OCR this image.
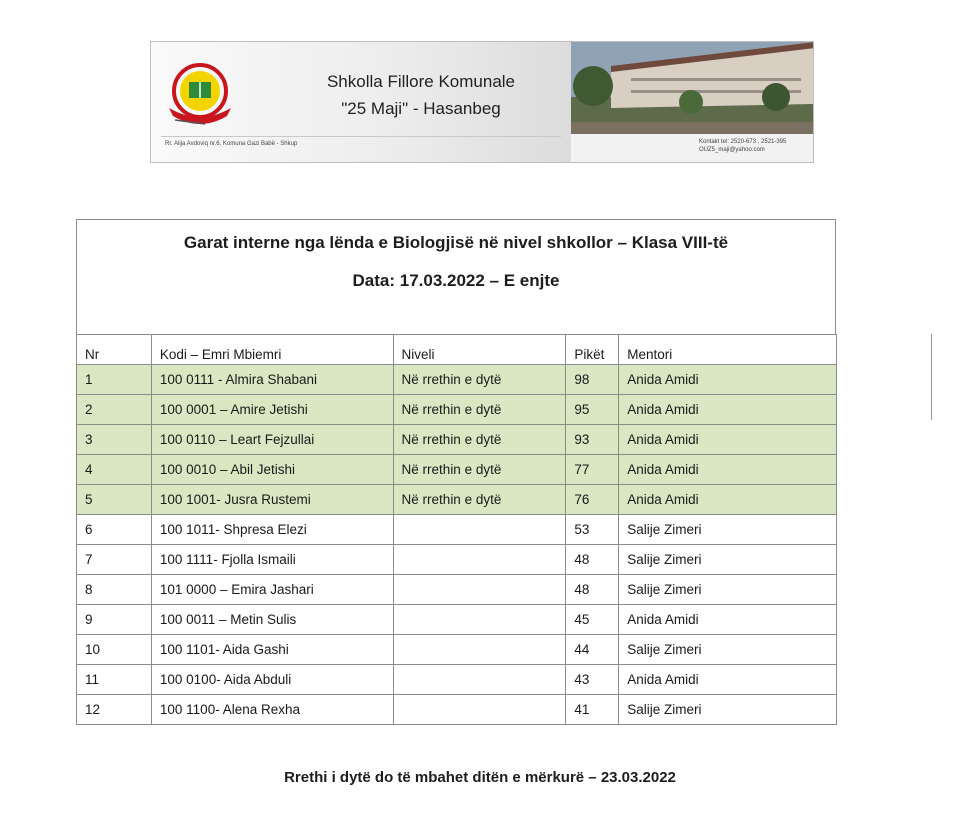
Shkolla Fillore Komunale
"25 Maji" - Hasanbeg
Rr. Alija Avdoviq nr.6, Komuna Gazi Babë - Shkup	Kontakt tel: 2520-673 , 2521-395
OUZ5_maji@yahoo.com
Garat interne nga lënda e Biologjisë në nivel shkollor – Klasa VIII-të
Data: 17.03.2022 – E enjte
Nr	Kodi – Emri Mbiemri	Niveli	Pikët	Mentori
1	100 0111 - Almira Shabani	Në rrethin e dytë	98	Anida Amidi
2	100 0001 – Amire Jetishi	Në rrethin e dytë	95	Anida Amidi
3	100 0110 – Leart Fejzullai	Në rrethin e dytë	93	Anida Amidi
4	100 0010 – Abil Jetishi	Në rrethin e dytë	77	Anida Amidi
5	100 1001- Jusra Rustemi	Në rrethin e dytë	76	Anida Amidi
6	100 1011- Shpresa Elezi		53	Salije Zimeri
7	100 1111- Fjolla Ismaili		48	Salije Zimeri
8	101 0000 – Emira Jashari		48	Salije Zimeri
9	100 0011 – Metin Sulis		45	Anida Amidi
10	100 1101- Aida Gashi		44	Salije Zimeri
11	100 0100- Aida Abduli		43	Anida Amidi
12	100 1100- Alena Rexha		41	Salije Zimeri
Rrethi i dytë do të mbahet ditën e mërkurë – 23.03.2022
